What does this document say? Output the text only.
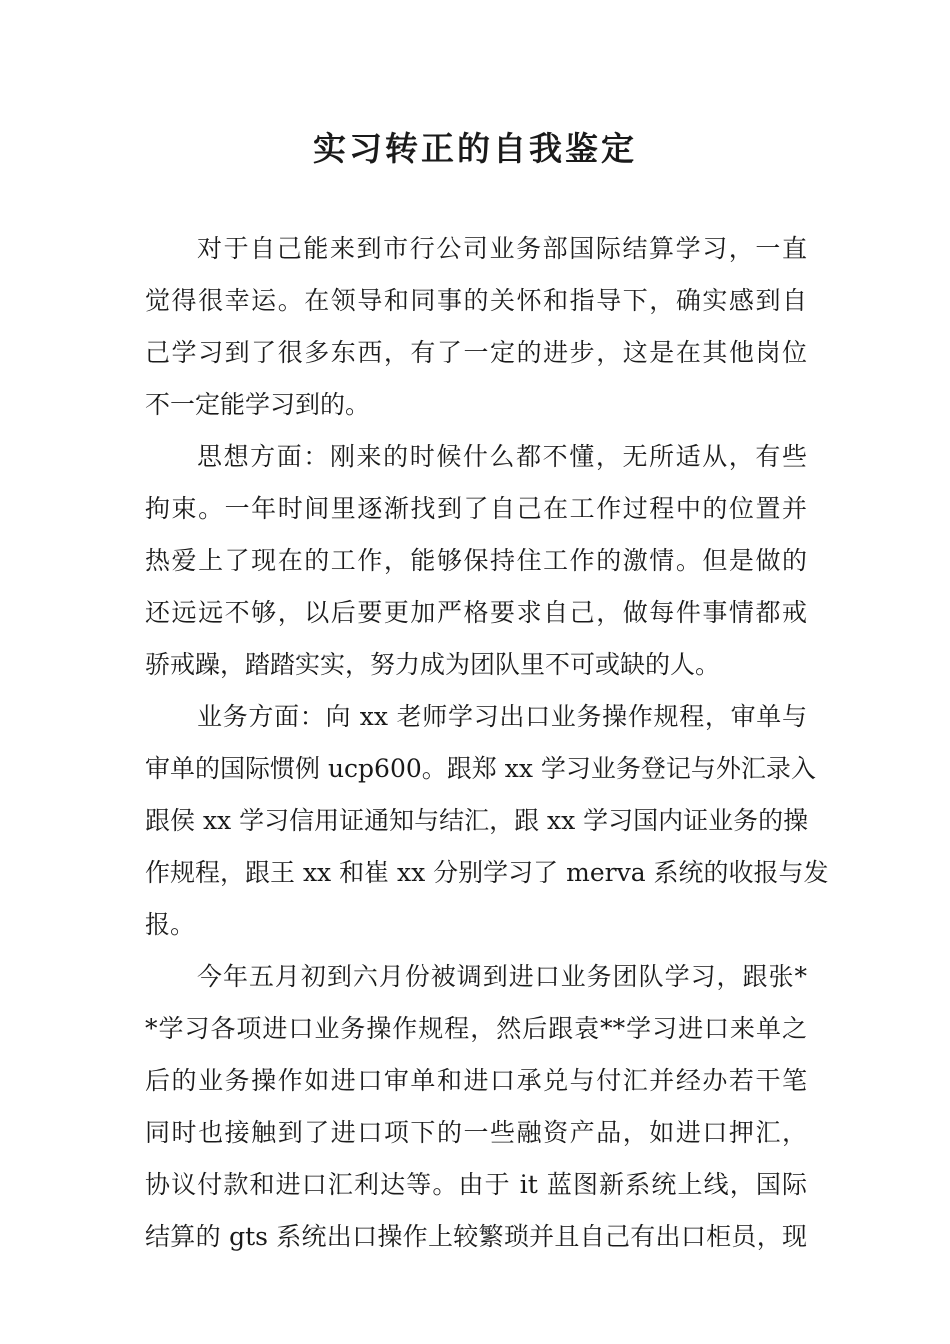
实习转正的自我鉴定
对于自己能来到市行公司业务部国际结算学习，一直
觉得很幸运。在领导和同事的关怀和指导下，确实感到自
己学习到了很多东西，有了一定的进步，这是在其他岗位
不一定能学习到的。
思想方面：刚来的时候什么都不懂，无所适从，有些
拘束。一年时间里逐渐找到了自己在工作过程中的位置并
热爱上了现在的工作，能够保持住工作的激情。但是做的
还远远不够，以后要更加严格要求自己，做每件事情都戒
骄戒躁，踏踏实实，努力成为团队里不可或缺的人。
业务方面：向 xx 老师学习出口业务操作规程，审单与
审单的国际惯例 ucp600。跟郑 xx 学习业务登记与外汇录入
跟侯 xx 学习信用证通知与结汇，跟 xx 学习国内证业务的操
作规程，跟王 xx 和崔 xx 分别学习了 merva 系统的收报与发
报。
今年五月初到六月份被调到进口业务团队学习，跟张*
*学习各项进口业务操作规程，然后跟袁**学习进口来单之
后的业务操作如进口审单和进口承兑与付汇并经办若干笔
同时也接触到了进口项下的一些融资产品，如进口押汇，
协议付款和进口汇利达等。由于 it 蓝图新系统上线，国际
结算的 gts 系统出口操作上较繁琐并且自己有出口柜员，现
